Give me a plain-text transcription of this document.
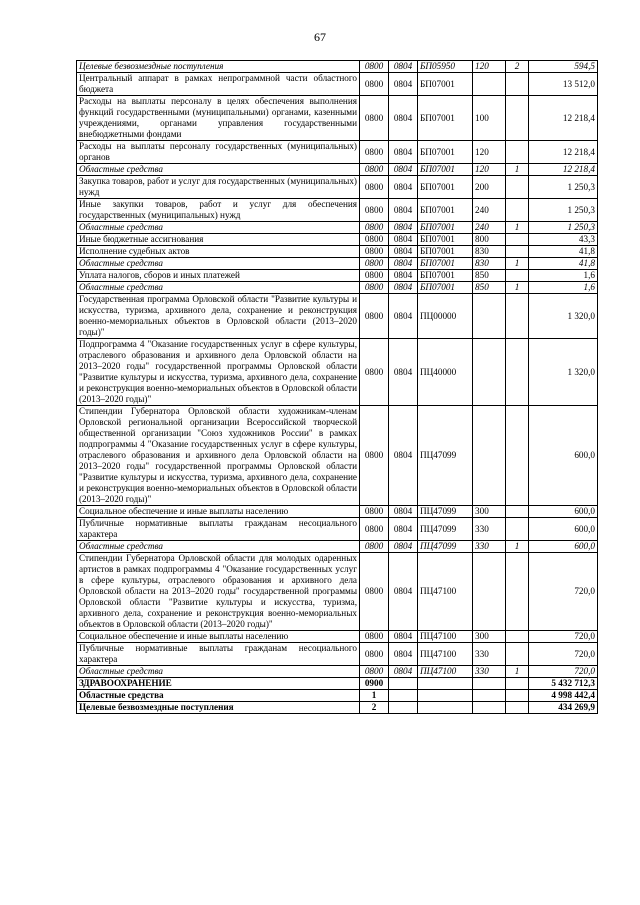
67
Целевые безвозмездные поступления	0800	0804	БП05950	120	2	594,5
Центральный аппарат в рамках непрограммной части областного бюджета	0800	0804	БП07001			13 512,0
Расходы на выплаты персоналу в целях обеспечения выполнения функций государственными (муниципальными) органами, казенными учреждениями, органами управления государственными внебюджетными фондами	0800	0804	БП07001	100		12 218,4
Расходы на выплаты персоналу государственных (муниципальных) органов	0800	0804	БП07001	120		12 218,4
Областные средства	0800	0804	БП07001	120	1	12 218,4
Закупка товаров, работ и услуг для государственных (муниципальных) нужд	0800	0804	БП07001	200		1 250,3
Иные закупки товаров, работ и услуг для обеспечения государственных (муниципальных) нужд	0800	0804	БП07001	240		1 250,3
Областные средства	0800	0804	БП07001	240	1	1 250,3
Иные бюджетные ассигнования	0800	0804	БП07001	800		43,3
Исполнение судебных актов	0800	0804	БП07001	830		41,8
Областные средства	0800	0804	БП07001	830	1	41,8
Уплата налогов, сборов и иных платежей	0800	0804	БП07001	850		1,6
Областные средства	0800	0804	БП07001	850	1	1,6
Государственная программа Орловской области "Развитие культуры и искусства, туризма, архивного дела, сохранение и реконструкция военно-мемориальных объектов в Орловской области (2013–2020 годы)"	0800	0804	ПЦ00000			1 320,0
Подпрограмма 4 "Оказание государственных услуг в сфере культуры, отраслевого образования и архивного дела Орловской области на 2013–2020 годы" государственной программы Орловской области "Развитие культуры и искусства, туризма, архивного дела, сохранение и реконструкция военно-мемориальных объектов в Орловской области (2013–2020 годы)"	0800	0804	ПЦ40000			1 320,0
Стипендии Губернатора Орловской области художникам-членам Орловской региональной организации Всероссийской творческой общественной организации "Союз художников России" в рамках подпрограммы 4 "Оказание государственных услуг в сфере культуры, отраслевого образования и архивного дела Орловской области на 2013–2020 годы" государственной программы Орловской области "Развитие культуры и искусства, туризма, архивного дела, сохранение и реконструкция военно-мемориальных объектов в Орловской области (2013–2020 годы)"	0800	0804	ПЦ47099			600,0
Социальное обеспечение и иные выплаты населению	0800	0804	ПЦ47099	300		600,0
Публичные нормативные выплаты гражданам несоциального характера	0800	0804	ПЦ47099	330		600,0
Областные средства	0800	0804	ПЦ47099	330	1	600,0
Стипендии Губернатора Орловской области для молодых одаренных артистов в рамках подпрограммы 4 "Оказание государственных услуг в сфере культуры, отраслевого образования и архивного дела Орловской области на 2013–2020 годы" государственной программы Орловской области "Развитие культуры и искусства, туризма, архивного дела, сохранение и реконструкция военно-мемориальных объектов в Орловской области (2013–2020 годы)"	0800	0804	ПЦ47100			720,0
Социальное обеспечение и иные выплаты населению	0800	0804	ПЦ47100	300		720,0
Публичные нормативные выплаты гражданам несоциального характера	0800	0804	ПЦ47100	330		720,0
Областные средства	0800	0804	ПЦ47100	330	1	720,0
ЗДРАВООХРАНЕНИЕ	0900					5 432 712,3
Областные средства	1					4 998 442,4
Целевые безвозмездные поступления	2					434 269,9
